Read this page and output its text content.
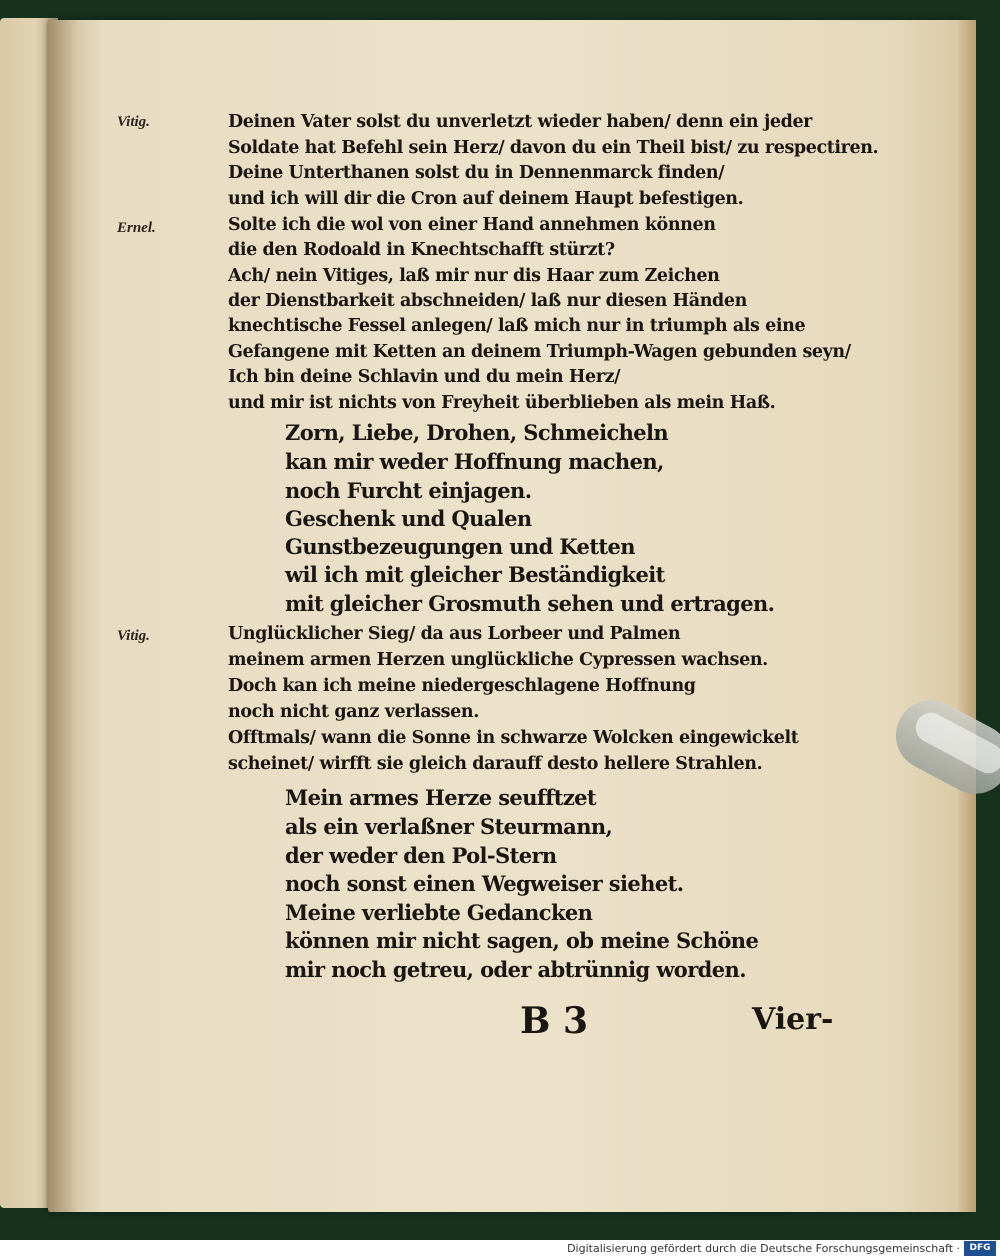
Vitig.	Deinen Vater solst du unverletzt wieder haben/ denn ein jeder
Soldate hat Befehl sein Herz/ davon du ein Theil bist/ zu respectiren.
Deine Unterthanen solst du in Dennenmarck finden/
und ich will dir die Cron auf deinem Haupt befestigen.
Ernel.	Solte ich die wol von einer Hand annehmen können
die den Rodoald in Knechtschafft stürzt?
Ach/ nein Vitiges, laß mir nur dis Haar zum Zeichen
der Dienstbarkeit abschneiden/ laß nur diesen Händen
knechtische Fessel anlegen/ laß mich nur in triumph als eine
Gefangene mit Ketten an deinem Triumph-Wagen gebunden seyn/
Ich bin deine Schlavin und du mein Herz/
und mir ist nichts von Freyheit überblieben als mein Haß.
Zorn, Liebe, Drohen, Schmeicheln
kan mir weder Hoffnung machen,
noch Furcht einjagen.
Geschenk und Qualen
Gunstbezeugungen und Ketten
wil ich mit gleicher Beständigkeit
mit gleicher Grosmuth sehen und ertragen.
Vitig.	Unglücklicher Sieg/ da aus Lorbeer und Palmen
meinem armen Herzen unglückliche Cypressen wachsen.
Doch kan ich meine niedergeschlagene Hoffnung
noch nicht ganz verlassen.
Offtmals/ wann die Sonne in schwarze Wolcken eingewickelt
scheinet/ wirfft sie gleich darauff desto hellere Strahlen.
Mein armes Herze seufftzet
als ein verlaßner Steurmann,
der weder den Pol-Stern
noch sonst einen Wegweiser siehet.
Meine verliebte Gedancken
können mir nicht sagen, ob meine Schöne
mir noch getreu, oder abtrünnig worden.
B 3	Vier-
Digitalisierung gefördert durch die Deutsche Forschungsgemeinschaft ·	DFG
